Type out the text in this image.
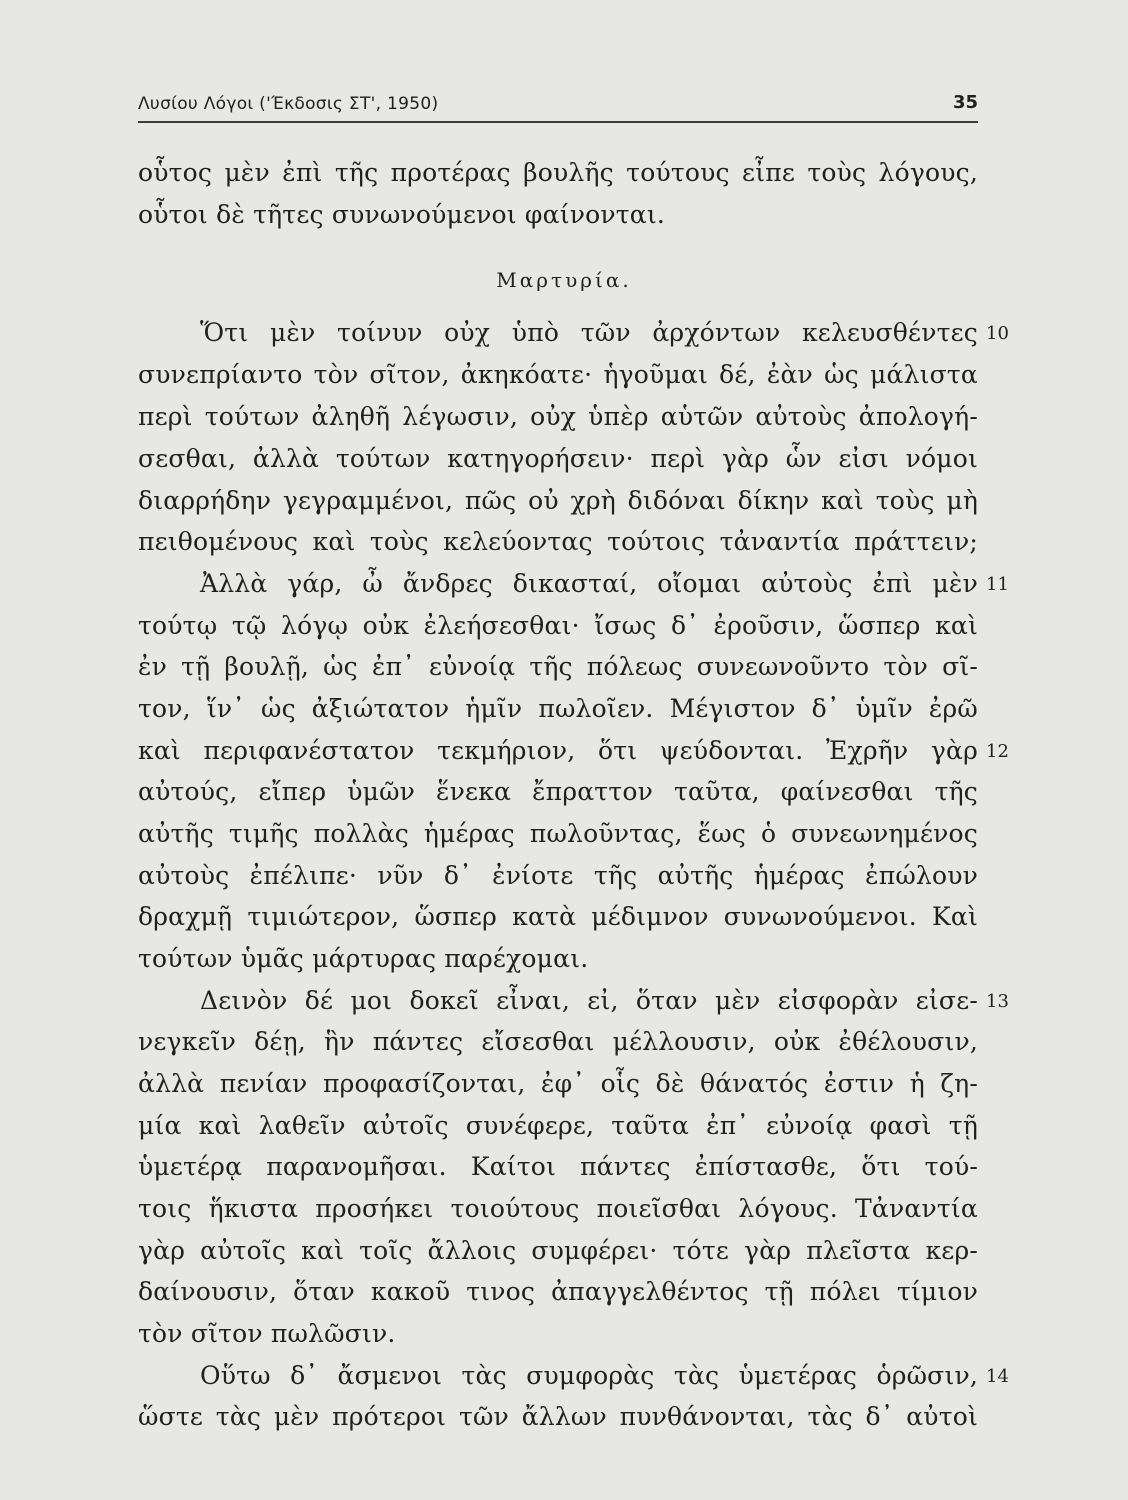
Λυσίου Λόγοι ('Έκδοσις ΣΤ', 1950)	35
οὗτος μὲν ἐπὶ τῆς προτέρας βουλῆς τούτους εἶπε τοὺς λόγους,
οὗτοι δὲ τῆτες συνωνούμενοι φαίνονται.
Μαρτυρία.
Ὅτι μὲν τοίνυν οὐχ ὑπὸ τῶν ἀρχόντων κελευσθέντες
συνεπρίαντο τὸν σῖτον, ἀκηκόατε· ἡγοῦμαι δέ, ἐὰν ὡς μάλιστα
περὶ τούτων ἀληθῆ λέγωσιν, οὐχ ὑπὲρ αὑτῶν αὐτοὺς ἀπολογή-
σεσθαι, ἀλλὰ τούτων κατηγορήσειν· περὶ γὰρ ὧν εἰσι νόμοι
διαρρήδην γεγραμμένοι, πῶς οὐ χρὴ διδόναι δίκην καὶ τοὺς μὴ
πειθομένους καὶ τοὺς κελεύοντας τούτοις τἀναντία πράττειν;
Ἀλλὰ γάρ, ὦ ἄνδρες δικασταί, οἴομαι αὐτοὺς ἐπὶ μὲν
τούτῳ τῷ λόγῳ οὐκ ἐλεήσεσθαι· ἴσως δ᾿ ἐροῦσιν, ὥσπερ καὶ
ἐν τῇ βουλῇ, ὡς ἐπ᾿ εὐνοίᾳ τῆς πόλεως συνεωνοῦντο τὸν σῖ-
τον, ἵν᾿ ὡς ἀξιώτατον ἡμῖν πωλοῖεν. Μέγιστον δ᾿ ὑμῖν ἐρῶ
καὶ περιφανέστατον τεκμήριον, ὅτι ψεύδονται. Ἐχρῆν γὰρ
αὐτούς, εἴπερ ὑμῶν ἕνεκα ἔπραττον ταῦτα, φαίνεσθαι τῆς
αὐτῆς τιμῆς πολλὰς ἡμέρας πωλοῦντας, ἕως ὁ συνεωνημένος
αὐτοὺς ἐπέλιπε· νῦν δ᾿ ἐνίοτε τῆς αὐτῆς ἡμέρας ἐπώλουν
δραχμῇ τιμιώτερον, ὥσπερ κατὰ μέδιμνον συνωνούμενοι. Καὶ
τούτων ὑμᾶς μάρτυρας παρέχομαι.
Δεινὸν δέ μοι δοκεῖ εἶναι, εἰ, ὅταν μὲν εἰσφορὰν εἰσε-
νεγκεῖν δέῃ, ἣν πάντες εἴσεσθαι μέλλουσιν, οὐκ ἐθέλουσιν,
ἀλλὰ πενίαν προφασίζονται, ἐφ᾿ οἷς δὲ θάνατός ἐστιν ἡ ζη-
μία καὶ λαθεῖν αὐτοῖς συνέφερε, ταῦτα ἐπ᾿ εὐνοίᾳ φασὶ τῇ
ὑμετέρᾳ παρανομῆσαι. Καίτοι πάντες ἐπίστασθε, ὅτι τού-
τοις ἥκιστα προσήκει τοιούτους ποιεῖσθαι λόγους. Τἀναντία
γὰρ αὐτοῖς καὶ τοῖς ἄλλοις συμφέρει· τότε γὰρ πλεῖστα κερ-
δαίνουσιν, ὅταν κακοῦ τινος ἀπαγγελθέντος τῇ πόλει τίμιον
τὸν σῖτον πωλῶσιν.
Οὕτω δ᾿ ἄσμενοι τὰς συμφορὰς τὰς ὑμετέρας ὁρῶσιν,
ὥστε τὰς μὲν πρότεροι τῶν ἄλλων πυνθάνονται, τὰς δ᾿ αὐτοὶ
10
11
12
13
14
